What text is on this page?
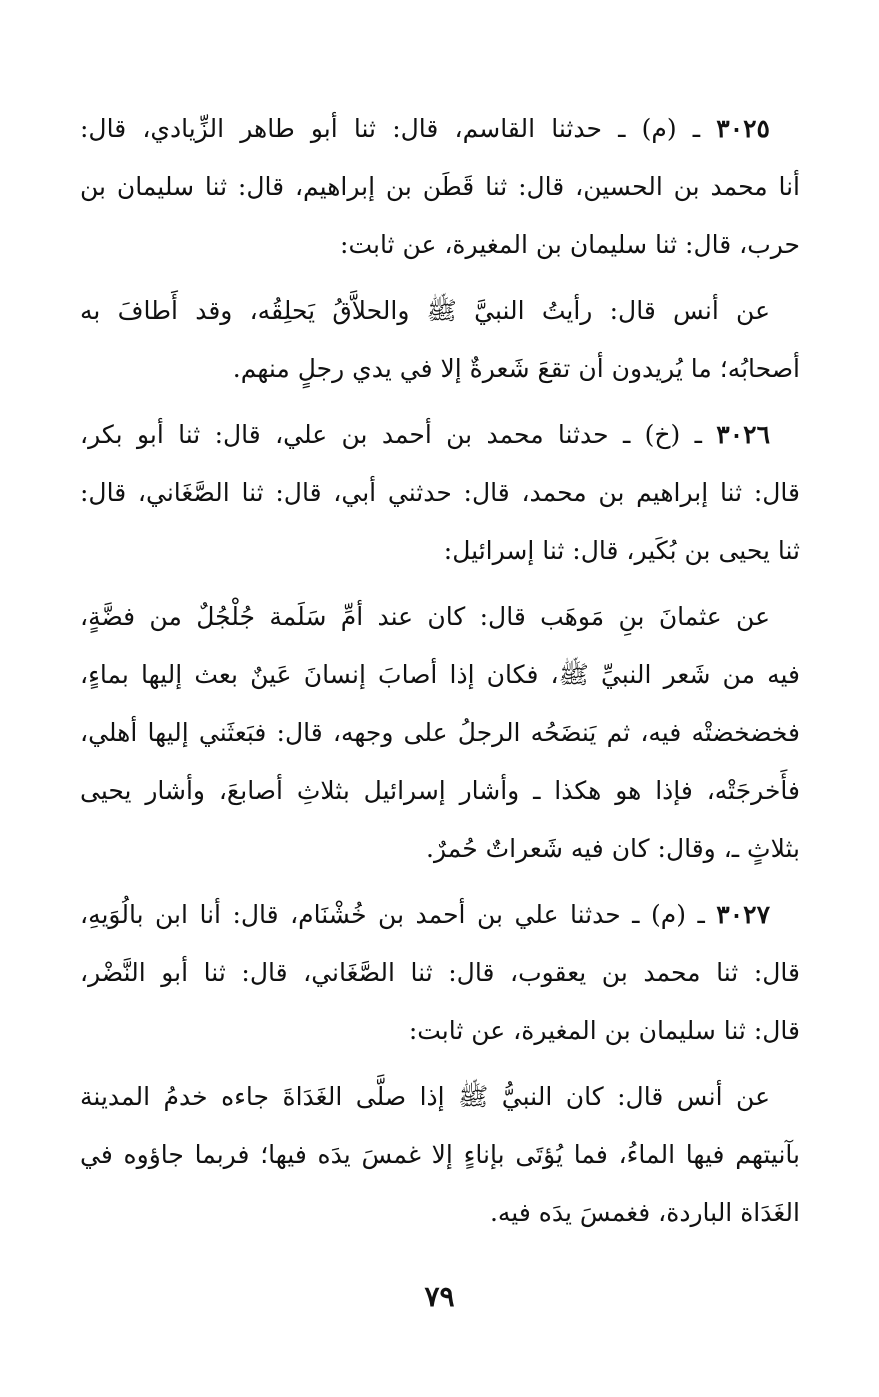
٣٠٢٥ ـ (م) ـ حدثنا القاسم، قال: ثنا أبو طاهر الزِّيادي، قال:
أنا محمد بن الحسين، قال: ثنا قَطَن بن إبراهيم، قال: ثنا سليمان بن
حرب، قال: ثنا سليمان بن المغيرة، عن ثابت:
عن أنس قال: رأيتُ النبيَّ ﷺ والحلاَّقُ يَحلِقُه، وقد أَطافَ به
أصحابُه؛ ما يُريدون أن تقعَ شَعرةٌ إلا في يدي رجلٍ منهم.
٣٠٢٦ ـ (خ) ـ حدثنا محمد بن أحمد بن علي، قال: ثنا أبو بكر،
قال: ثنا إبراهيم بن محمد، قال: حدثني أبي، قال: ثنا الصَّغَاني، قال:
ثنا يحيى بن بُكَير، قال: ثنا إسرائيل:
عن عثمانَ بنِ مَوهَب قال: كان عند أمِّ سَلَمة جُلْجُلٌ من فضَّةٍ،
فيه من شَعر النبيِّ ﷺ، فكان إذا أصابَ إنسانَ عَينٌ بعث إليها بماءٍ،
فخضخضتْه فيه، ثم يَنضَحُه الرجلُ على وجهه، قال: فبَعثَني إليها أهلي،
فأَخرجَتْه، فإذا هو هكذا ـ وأشار إسرائيل بثلاثِ أصابعَ، وأشار يحيى
بثلاثٍ ـ، وقال: كان فيه شَعراتٌ حُمرٌ.
٣٠٢٧ ـ (م) ـ حدثنا علي بن أحمد بن خُشْنَام، قال: أنا ابن بالُوَيهِ،
قال: ثنا محمد بن يعقوب، قال: ثنا الصَّغَاني، قال: ثنا أبو النَّضْر،
قال: ثنا سليمان بن المغيرة، عن ثابت:
عن أنس قال: كان النبيُّ ﷺ إذا صلَّى الغَدَاةَ جاءه خدمُ المدينة
بآنيتهم فيها الماءُ، فما يُؤتَى بإناءٍ إلا غمسَ يدَه فيها؛ فربما جاؤوه في
الغَدَاة الباردة، فغمسَ يدَه فيه.
٧٩
